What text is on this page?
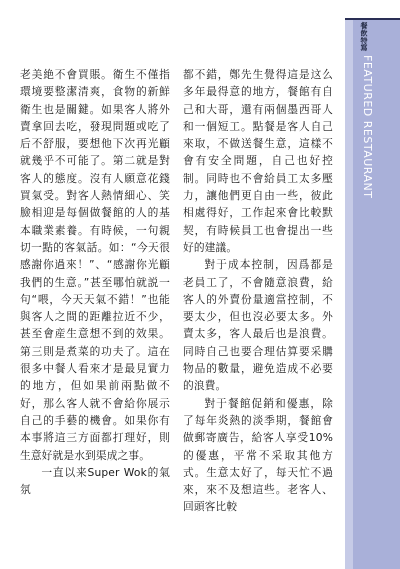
餐飲特寫
FEATURED RESTAURANT

老美絶不會買賬。衛生不僅指環境要整潔清爽，食物的新鮮衛生也是關鍵。如果客人將外賣拿回去吃，發現問題或吃了后不舒服，要想他下次再光顧就幾乎不可能了。第二就是對客人的態度。沒有人願意花錢買氣受。對客人熱情細心、笑臉相迎是每個做餐館的人的基本職業素養。有時候，一句親切一點的客氣話。如：“今天很感謝你過來！”、“感謝你光顧我們的生意。”甚至哪怕就説一句“喂，今天天氣不錯！”也能與客人之間的距離拉近不少，甚至會産生意想不到的效果。第三則是煮菜的功夫了。這在很多中餐人看來才是最見實力的地方，但如果前兩點做不好，那么客人就不會給你展示自己的手藝的機會。如果你有本事將這三方面都打理好，則生意好就是水到渠成之事。

一直以来Super Wok的氣氛

都不錯，鄭先生覺得這是这么多年最得意的地方，餐館有自己和大哥，還有兩個墨西哥人和一個短工。點餐是客人自己來取，不做送餐生意，這樣不會有安全問題，自己也好控制。同時也不會給員工太多壓力，讓他們更自由一些，彼此相處得好，工作起來會比較默契，有時候員工也會提出一些好的建議。

對于成本控制，因爲都是老員工了，不會隨意浪費，給客人的外賣份量適當控制，不要太少，但也沒必要太多。外賣太多，客人最后也是浪費。同時自己也要合理估算要采購物品的數量，避免造成不必要的浪費。

對于餐館促銷和優惠，除了每年炎熱的淡季期，餐館會做郵寄廣告，給客人享受10%的優惠，平常不采取其他方式。生意太好了，每天忙不過來，來不及想這些。老客人、回頭客比較
